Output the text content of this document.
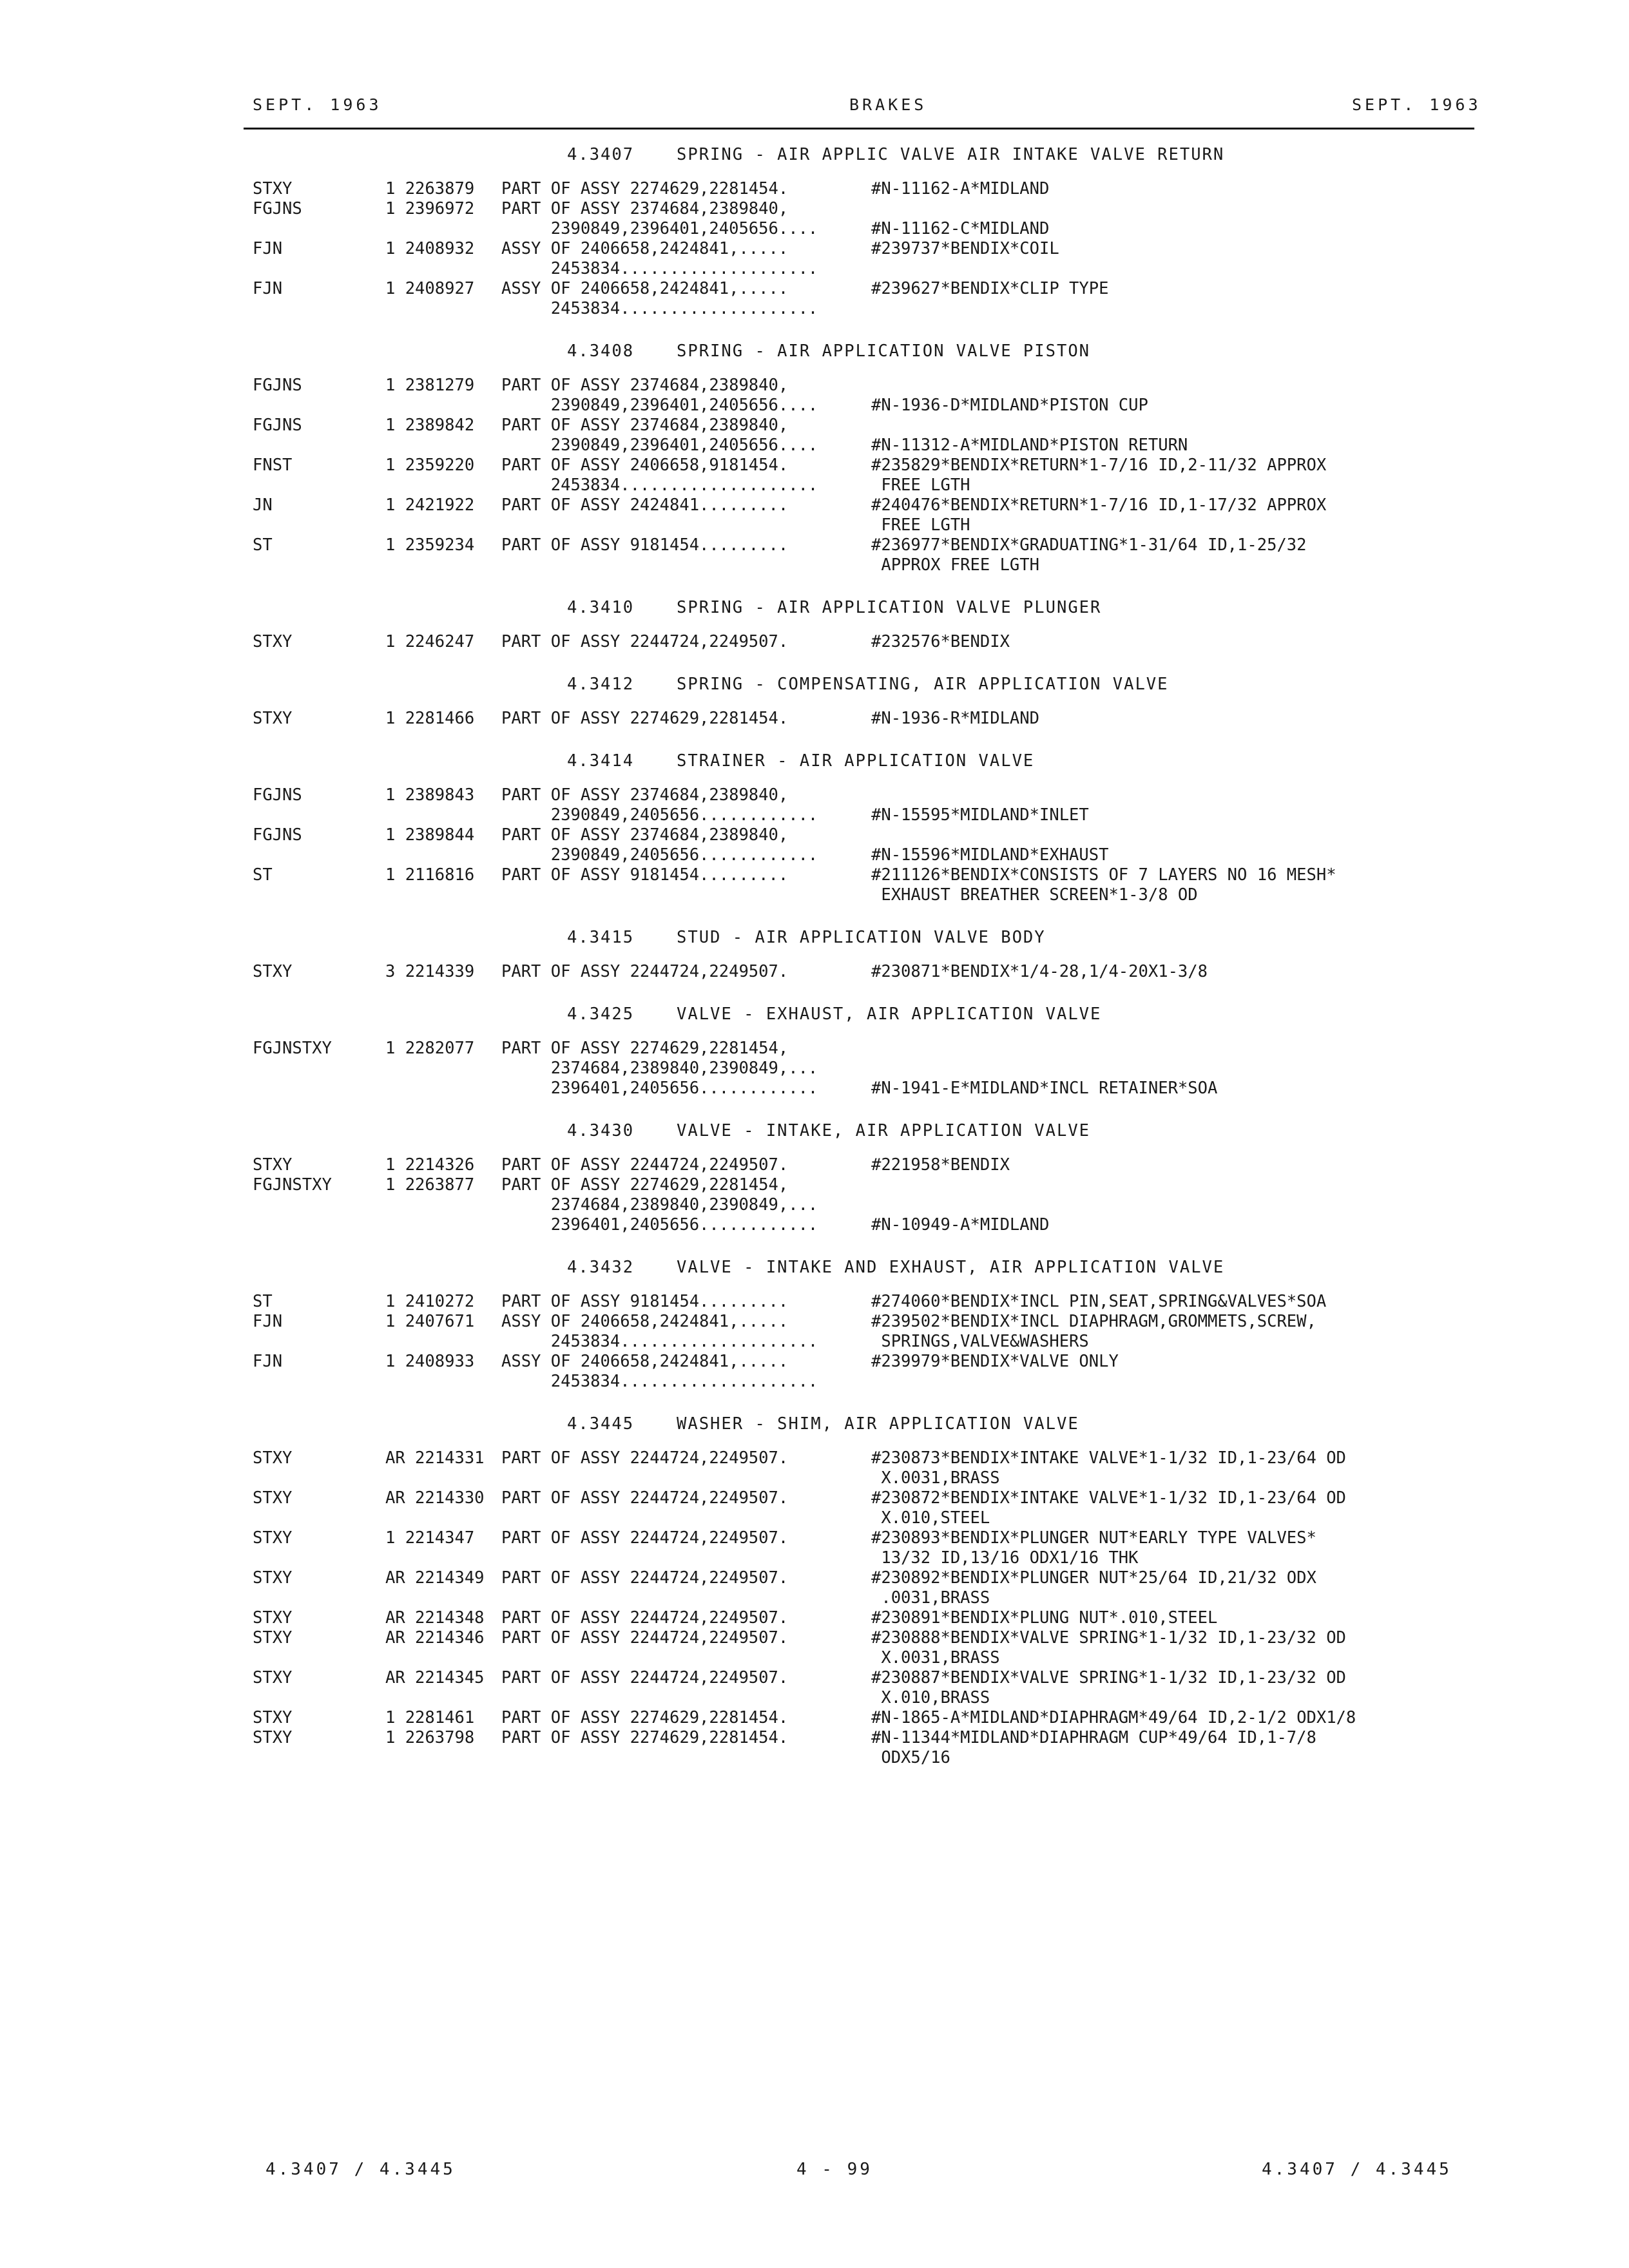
SEPT. 1963	BRAKES	SEPT. 1963
4.3407	SPRING - AIR APPLIC VALVE AIR INTAKE VALVE RETURN
STXY	1 2263879 PART OF ASSY 2274629,2281454.	#N-11162-A*MIDLAND
FGJNS	1 2396972 PART OF ASSY 2374684,2389840,
2390849,2396401,2405656....	#N-11162-C*MIDLAND
FJN	1 2408932 ASSY OF 2406658,2424841,.....	#239737*BENDIX*COIL
2453834....................
FJN	1 2408927 ASSY OF 2406658,2424841,.....	#239627*BENDIX*CLIP TYPE
2453834....................
4.3408	SPRING - AIR APPLICATION VALVE PISTON
FGJNS	1 2381279 PART OF ASSY 2374684,2389840,
2390849,2396401,2405656....	#N-1936-D*MIDLAND*PISTON CUP
FGJNS	1 2389842 PART OF ASSY 2374684,2389840,
2390849,2396401,2405656....	#N-11312-A*MIDLAND*PISTON RETURN
FNST	1 2359220 PART OF ASSY 2406658,9181454.	#235829*BENDIX*RETURN*1-7/16 ID,2-11/32 APPROX
2453834....................	FREE LGTH
JN	1 2421922 PART OF ASSY 2424841.........	#240476*BENDIX*RETURN*1-7/16 ID,1-17/32 APPROX
FREE LGTH
ST	1 2359234 PART OF ASSY 9181454.........	#236977*BENDIX*GRADUATING*1-31/64 ID,1-25/32
APPROX FREE LGTH
4.3410	SPRING - AIR APPLICATION VALVE PLUNGER
STXY	1 2246247 PART OF ASSY 2244724,2249507.	#232576*BENDIX
4.3412	SPRING - COMPENSATING, AIR APPLICATION VALVE
STXY	1 2281466 PART OF ASSY 2274629,2281454.	#N-1936-R*MIDLAND
4.3414	STRAINER - AIR APPLICATION VALVE
FGJNS	1 2389843 PART OF ASSY 2374684,2389840,
2390849,2405656............	#N-15595*MIDLAND*INLET
FGJNS	1 2389844 PART OF ASSY 2374684,2389840,
2390849,2405656............	#N-15596*MIDLAND*EXHAUST
ST	1 2116816 PART OF ASSY 9181454.........	#211126*BENDIX*CONSISTS OF 7 LAYERS NO 16 MESH*
EXHAUST BREATHER SCREEN*1-3/8 OD
4.3415	STUD - AIR APPLICATION VALVE BODY
STXY	3 2214339 PART OF ASSY 2244724,2249507.	#230871*BENDIX*1/4-28,1/4-20X1-3/8
4.3425	VALVE - EXHAUST, AIR APPLICATION VALVE
FGJNSTXY	1 2282077 PART OF ASSY 2274629,2281454,
2374684,2389840,2390849,...
2396401,2405656............	#N-1941-E*MIDLAND*INCL RETAINER*SOA
4.3430	VALVE - INTAKE, AIR APPLICATION VALVE
STXY	1 2214326 PART OF ASSY 2244724,2249507.	#221958*BENDIX
FGJNSTXY	1 2263877 PART OF ASSY 2274629,2281454,
2374684,2389840,2390849,...
2396401,2405656............	#N-10949-A*MIDLAND
4.3432	VALVE - INTAKE AND EXHAUST, AIR APPLICATION VALVE
ST	1 2410272 PART OF ASSY 9181454.........	#274060*BENDIX*INCL PIN,SEAT,SPRING&VALVES*SOA
FJN	1 2407671 ASSY OF 2406658,2424841,.....	#239502*BENDIX*INCL DIAPHRAGM,GROMMETS,SCREW,
2453834....................	SPRINGS,VALVE&WASHERS
FJN	1 2408933 ASSY OF 2406658,2424841,.....	#239979*BENDIX*VALVE ONLY
2453834....................
4.3445	WASHER - SHIM, AIR APPLICATION VALVE
STXY	AR 2214331 PART OF ASSY 2244724,2249507.	#230873*BENDIX*INTAKE VALVE*1-1/32 ID,1-23/64 OD
X.0031,BRASS
STXY	AR 2214330 PART OF ASSY 2244724,2249507.	#230872*BENDIX*INTAKE VALVE*1-1/32 ID,1-23/64 OD
X.010,STEEL
STXY	1 2214347 PART OF ASSY 2244724,2249507.	#230893*BENDIX*PLUNGER NUT*EARLY TYPE VALVES*
13/32 ID,13/16 ODX1/16 THK
STXY	AR 2214349 PART OF ASSY 2244724,2249507.	#230892*BENDIX*PLUNGER NUT*25/64 ID,21/32 ODX
.0031,BRASS
STXY	AR 2214348 PART OF ASSY 2244724,2249507.	#230891*BENDIX*PLUNG NUT*.010,STEEL
STXY	AR 2214346 PART OF ASSY 2244724,2249507.	#230888*BENDIX*VALVE SPRING*1-1/32 ID,1-23/32 OD
X.0031,BRASS
STXY	AR 2214345 PART OF ASSY 2244724,2249507.	#230887*BENDIX*VALVE SPRING*1-1/32 ID,1-23/32 OD
X.010,BRASS
STXY	1 2281461 PART OF ASSY 2274629,2281454.	#N-1865-A*MIDLAND*DIAPHRAGM*49/64 ID,2-1/2 ODX1/8
STXY	1 2263798 PART OF ASSY 2274629,2281454.	#N-11344*MIDLAND*DIAPHRAGM CUP*49/64 ID,1-7/8
ODX5/16
4.3407 / 4.3445	4 - 99	4.3407 / 4.3445
